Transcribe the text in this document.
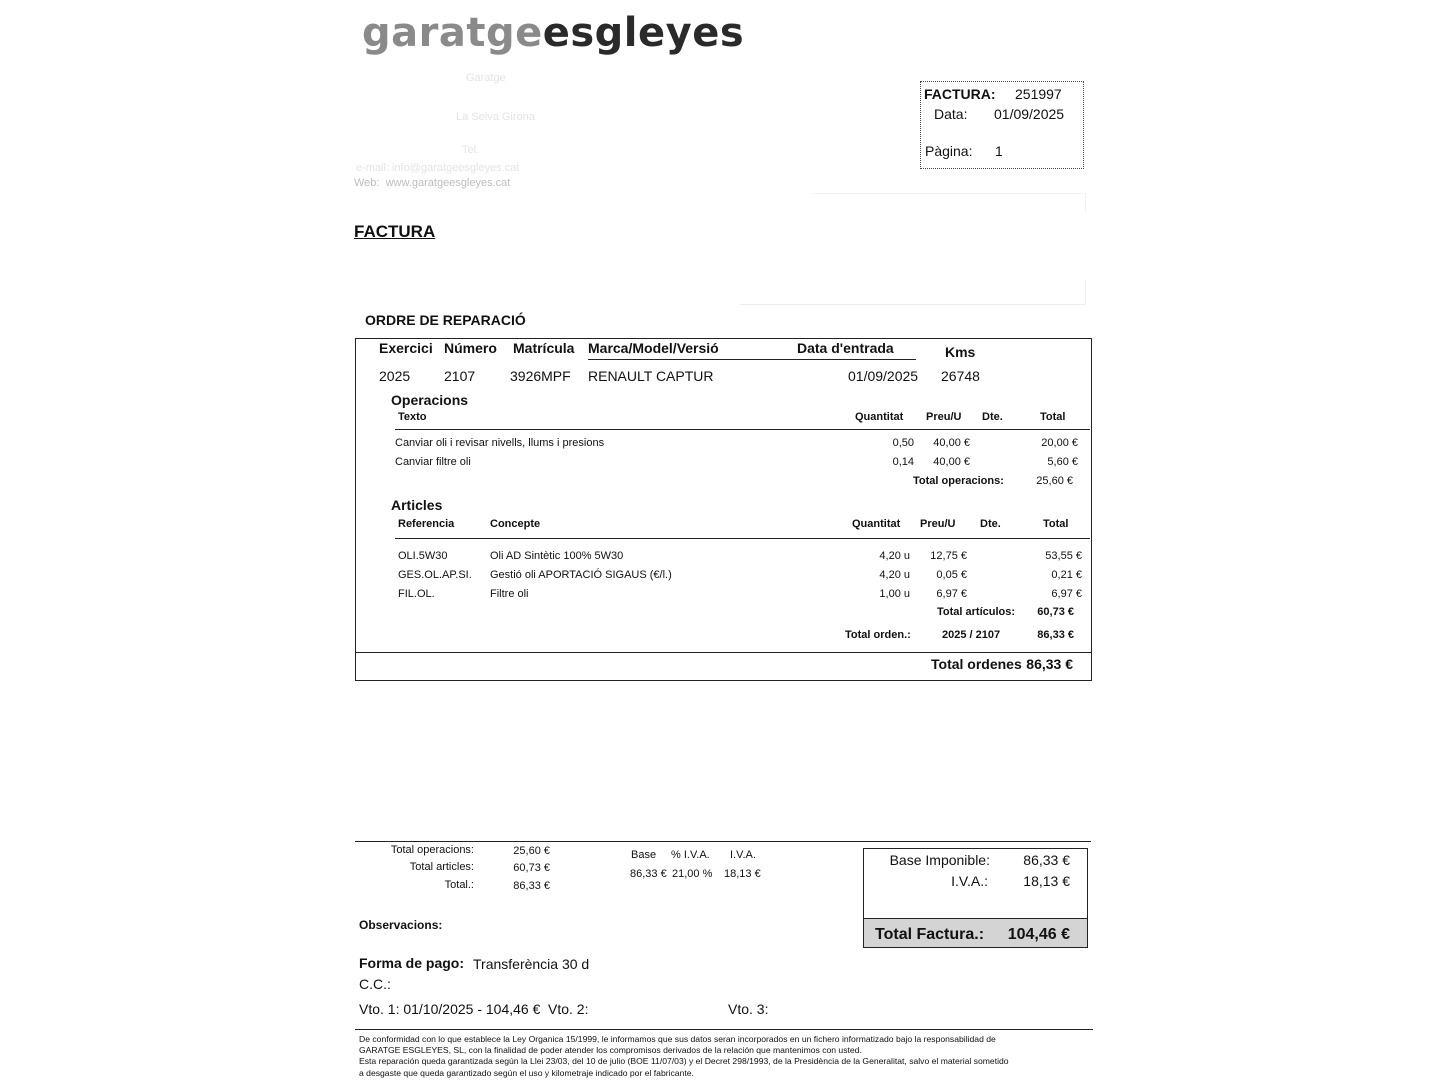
garatgeesgleyes
Garatge
La Selva Girona
Tel.
e-mail: info@garatgeesgleyes.cat
Web: www.garatgeesgleyes.cat
FACTURA: 251997
Data: 01/09/2025
Pàgina: 1
FACTURA
ORDRE DE REPARACIÓ
Exercici Número Matrícula Marca/Model/Versió	Data d'entrada	Kms
2025 2107 3926MPF RENAULT CAPTUR	01/09/2025 26748
Operacions
Texto	Quantitat Preu/U Dte.	Total
Canviar oli i revisar nivells, llums i presions	0,50	40,00 €	20,00 €
Canviar filtre oli	0,14	40,00 €	5,60 €
Total operacions:	25,60 €
Articles
Referencia	Concepte	Quantitat Preu/U Dte.	Total
OLI.5W30	Oli AD Sintètic 100% 5W30	4,20 u	12,75 €	53,55 €
GES.OL.AP.SI. Gestió oli APORTACIÓ SIGAUS (€/l.)	4,20 u	0,05 €	0,21 €
FIL.OL.	Filtre oli	1,00 u	6,97 €	6,97 €
Total artículos:	60,73 €
Total orden.:	2025 / 2107	86,33 €
Total ordenes 86,33 €
Total operacions:	25,60 €
Total articles:	60,73 €
Total.:	86,33 €
Base % I.V.A. I.V.A.
86,33 € 21,00 % 18,13 €
Base Imponible:	86,33 €
I.V.A.:	18,13 €
Total Factura.:	104,46 €
Observacions:
Forma de pago: Transferència 30 d
C.C.:
Vto. 1: 01/10/2025 - 104,46 € Vto. 2:	Vto. 3:
De conformidad con lo que establece la Ley Organica 15/1999, le informamos que sus datos seran incorporados en un fichero informatizado bajo la responsabilidad de
GARATGE ESGLEYES, SL, con la finalidad de poder atender los compromisos derivados de la relación que mantenimos con usted.
Esta reparación queda garantizada según la Llei 23/03, del 10 de julio (BOE 11/07/03) y el Decret 298/1993, de la Presidència de la Generalitat, salvo el material sometido
a desgaste que queda garantizado según el uso y kilometraje indicado por el fabricante.
